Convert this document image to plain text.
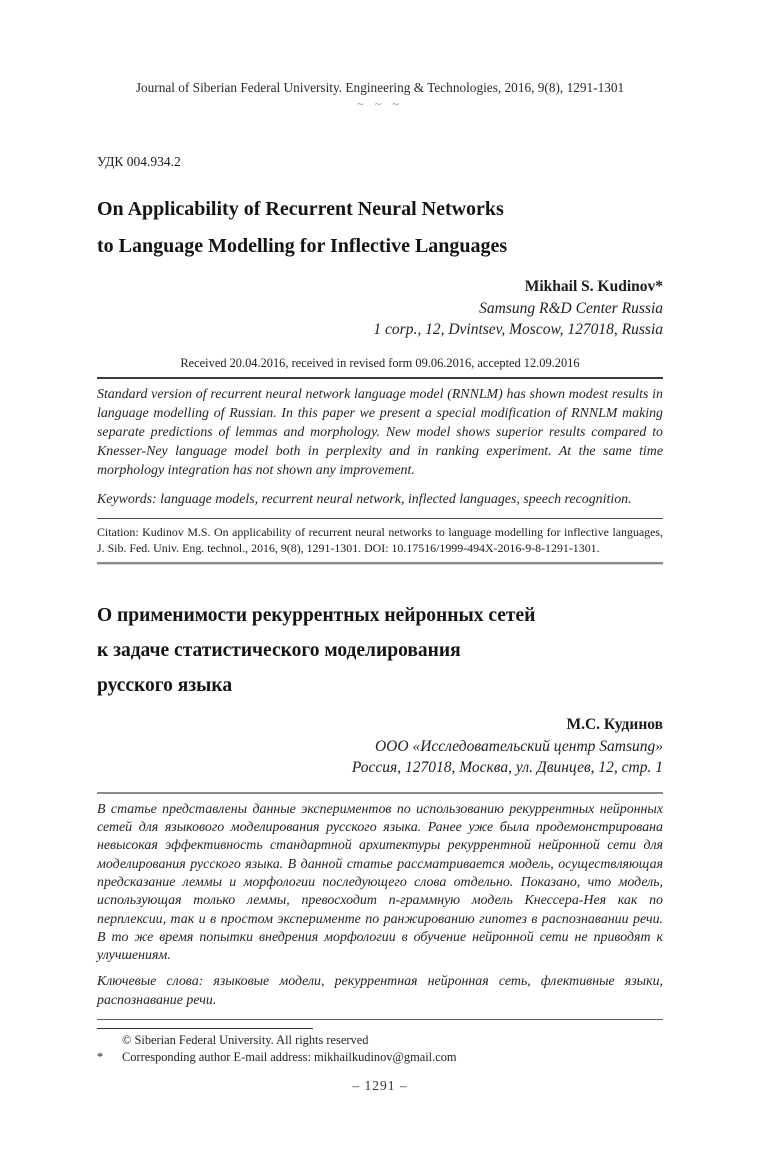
Journal of Siberian Federal University. Engineering & Technologies, 2016, 9(8), 1291-1301
~ ~ ~
УДК 004.934.2
On Applicability of Recurrent Neural Networks
to Language Modelling for Inflective Languages
Mikhail S. Kudinov*
Samsung R&D Center Russia
1 corp., 12, Dvintsev, Moscow, 127018, Russia
Received 20.04.2016, received in revised form 09.06.2016, accepted 12.09.2016

Standard version of recurrent neural network language model (RNNLM) has shown modest results in language modelling of Russian. In this paper we present a special modification of RNNLM making separate predictions of lemmas and morphology. New model shows superior results compared to Knesser-Ney language model both in perplexity and in ranking experiment. At the same time morphology integration has not shown any improvement.

Keywords: language models, recurrent neural network, inflected languages, speech recognition.

Citation: Kudinov M.S. On applicability of recurrent neural networks to language modelling for inflective languages, J. Sib. Fed. Univ. Eng. technol., 2016, 9(8), 1291-1301. DOI: 10.17516/1999-494X-2016-9-8-1291-1301.

О применимости рекуррентных нейронных сетей
к задаче статистического моделирования
русского языка
М.С. Кудинов
ООО «Исследовательский центр Samsung»
Россия, 127018, Москва, ул. Двинцев, 12, стр. 1

В статье представлены данные экспериментов по использованию рекуррентных нейронных сетей для языкового моделирования русского языка. Ранее уже была продемонстрирована невысокая эффективность стандартной архитектуры рекуррентной нейронной сети для моделирования русского языка. В данной статье рассматривается модель, осуществляющая предсказание леммы и морфологии последующего слова отдельно. Показано, что модель, использующая только леммы, превосходит n-граммную модель Кнессера-Нея как по перплексии, так и в простом эксперименте по ранжированию гипотез в распознавании речи. В то же время попытки внедрения морфологии в обучение нейронной сети не приводят к улучшениям.

Ключевые слова: языковые модели, рекуррентная нейронная сеть, флективные языки, распознавание речи.

© Siberian Federal University. All rights reserved
*	Corresponding author E-mail address: mikhailkudinov@gmail.com
– 1291 –
